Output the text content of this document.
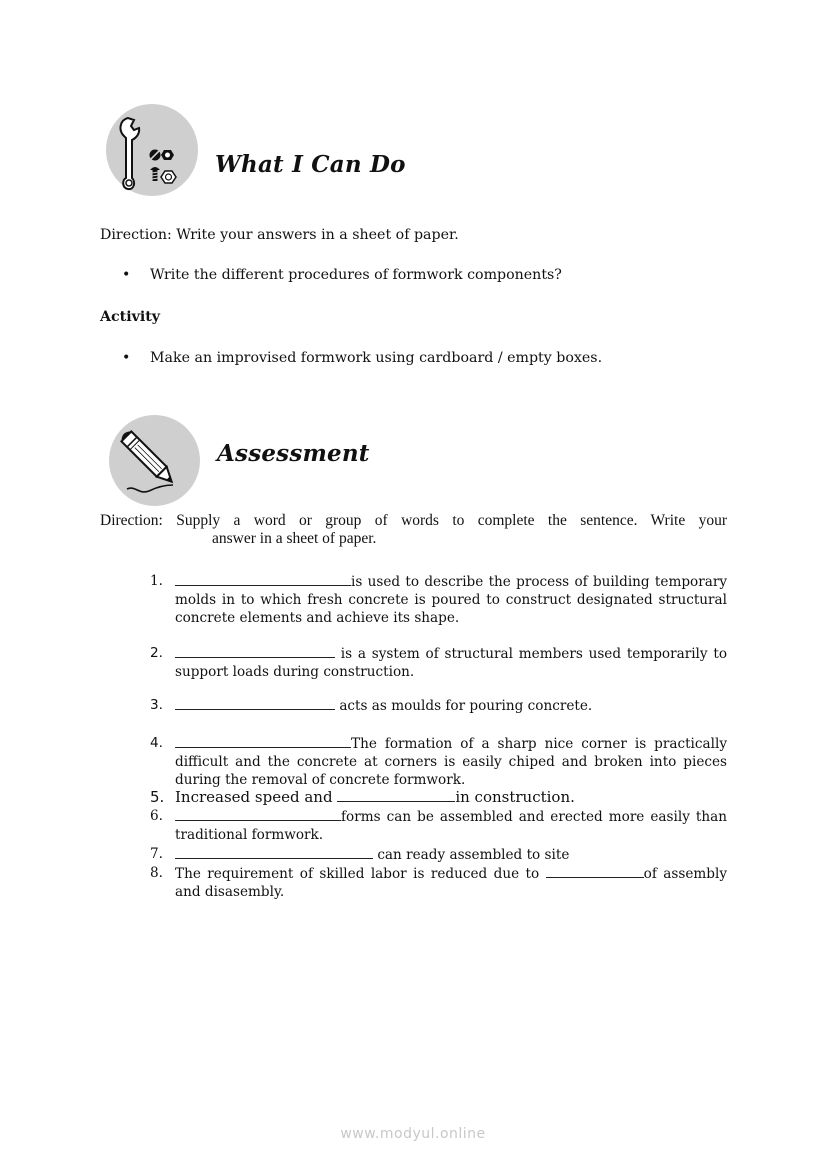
What I Can Do
Direction: Write your answers in a sheet of paper.
• Write the different procedures of formwork components?
Activity
• Make an improvised formwork using cardboard / empty boxes.
Assessment
Direction: Supply a word or group of words to complete the sentence. Write your
answer in a sheet of paper.
1.	is used to describe the process of building temporary molds in to which fresh concrete is poured to construct designated structural concrete elements and achieve its shape.
2.	is a system of structural members used temporarily to support loads during construction.
3.	acts as moulds for pouring concrete.
4.	The formation of a sharp nice corner is practically difficult and the concrete at corners is easily chiped and broken into pieces during the removal of concrete formwork.
5. Increased speed and	in construction.
6.	forms can be assembled and erected more easily than traditional formwork.
7.	can ready assembled to site
8. The requirement of skilled labor is reduced due to	of assembly and disasembly.
www.modyul.online
